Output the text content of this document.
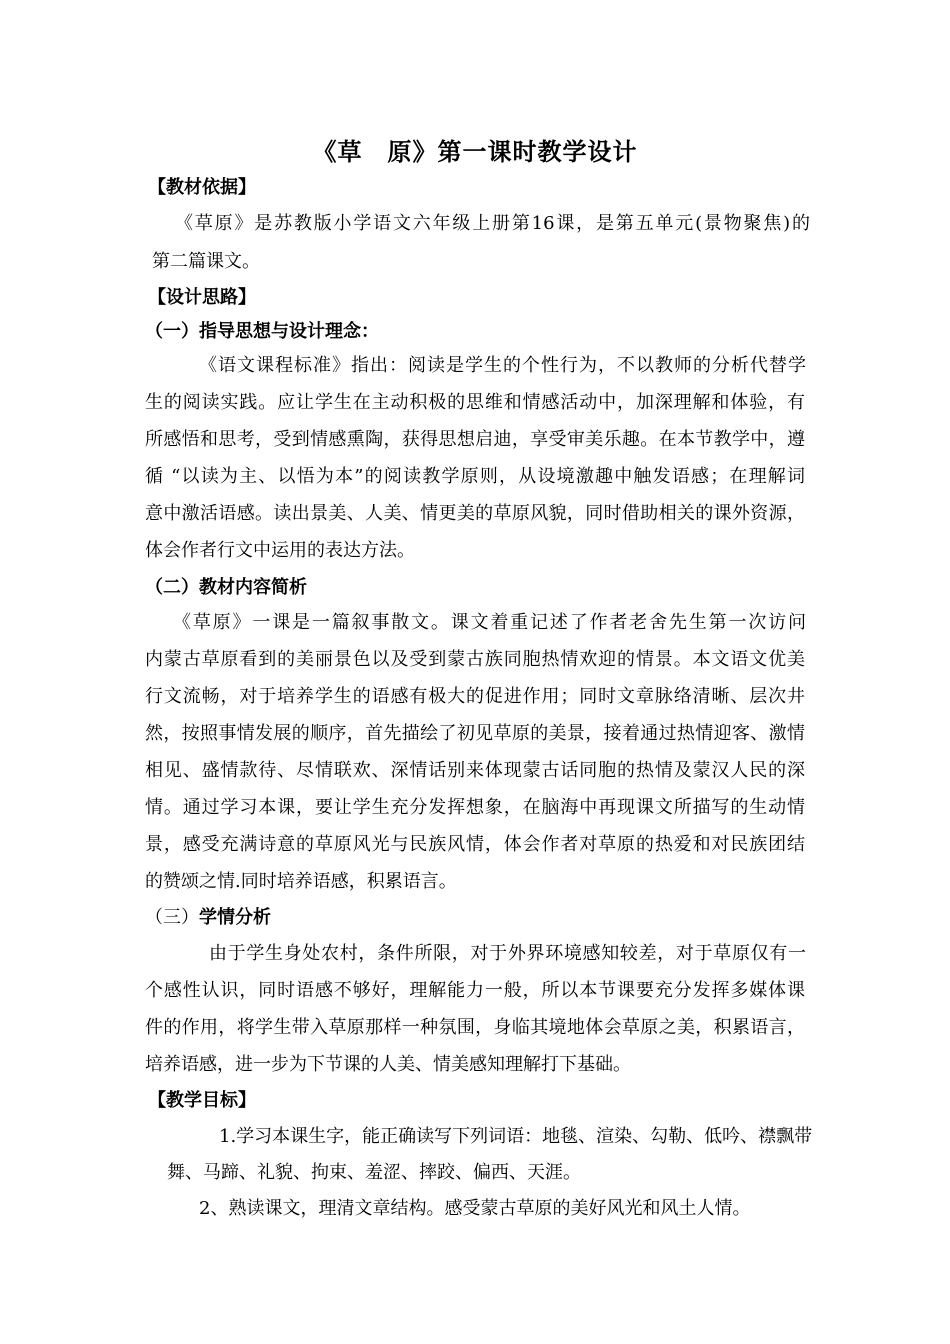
《草　原》第一课时教学设计
【教材依据】
《草原》是苏教版小学语文六年级上册第16课，是第五单元(景物聚焦)的
第二篇课文。
【设计思路】
（一）指导思想与设计理念：
《语文课程标准》指出：阅读是学生的个性行为，不以教师的分析代替学
生的阅读实践。应让学生在主动积极的思维和情感活动中，加深理解和体验，有
所感悟和思考，受到情感熏陶，获得思想启迪，享受审美乐趣。在本节教学中，遵
循 “以读为主、以悟为本”的阅读教学原则，从设境激趣中触发语感；在理解词
意中激活语感。读出景美、人美、情更美的草原风貌，同时借助相关的课外资源，
体会作者行文中运用的表达方法。
（二）教材内容简析
《草原》一课是一篇叙事散文。课文着重记述了作者老舍先生第一次访问
内蒙古草原看到的美丽景色以及受到蒙古族同胞热情欢迎的情景。本文语文优美
行文流畅，对于培养学生的语感有极大的促进作用；同时文章脉络清晰、层次井
然，按照事情发展的顺序，首先描绘了初见草原的美景，接着通过热情迎客、激情
相见、盛情款待、尽情联欢、深情话别来体现蒙古话同胞的热情及蒙汉人民的深
情。通过学习本课，要让学生充分发挥想象，在脑海中再现课文所描写的生动情
景，感受充满诗意的草原风光与民族风情，体会作者对草原的热爱和对民族团结
的赞颂之情.同时培养语感，积累语言。
（三）学情分析
由于学生身处农村，条件所限，对于外界环境感知较差，对于草原仅有一
个感性认识，同时语感不够好，理解能力一般，所以本节课要充分发挥多媒体课
件的作用，将学生带入草原那样一种氛围，身临其境地体会草原之美，积累语言，
培养语感，进一步为下节课的人美、情美感知理解打下基础。
【教学目标】
1.学习本课生字，能正确读写下列词语：地毯、渲染、勾勒、低吟、襟飘带
舞、马蹄、礼貌、拘束、羞涩、摔跤、偏西、天涯。
2、熟读课文，理清文章结构。感受蒙古草原的美好风光和风土人情。
